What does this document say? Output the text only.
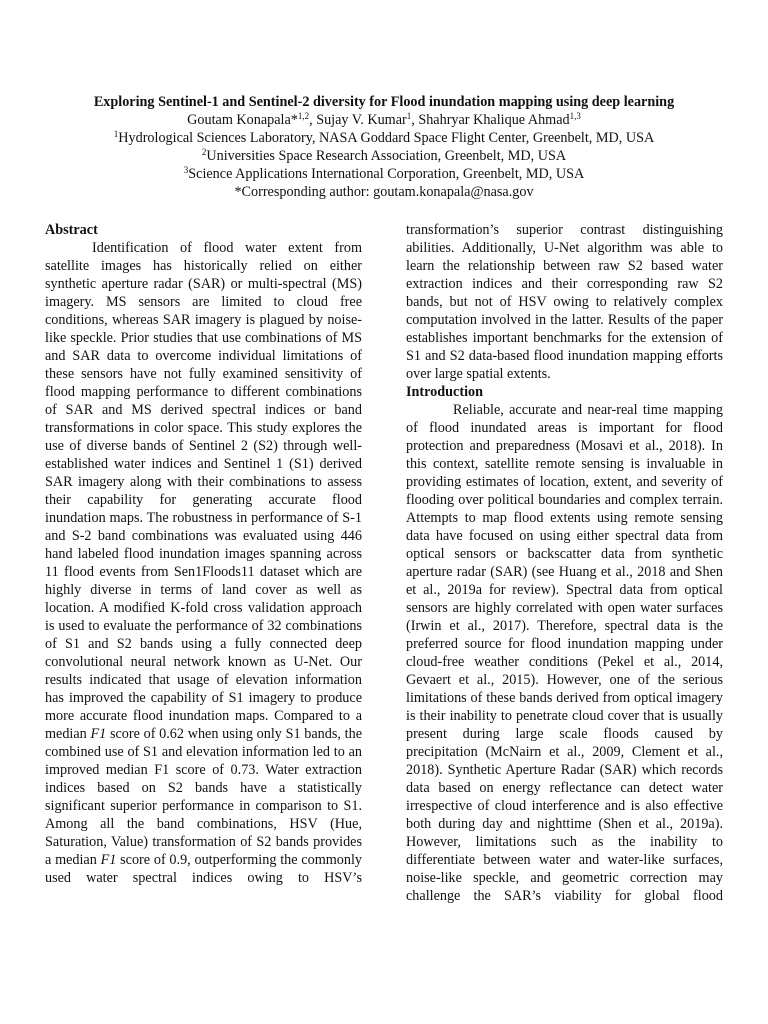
Exploring Sentinel-1 and Sentinel-2 diversity for Flood inundation mapping using deep learning

Goutam Konapala*$^{1,2}$, Sujay V. Kumar$^1$, Shahryar Khalique Ahmad$^{1,3}$

$^1$Hydrological Sciences Laboratory, NASA Goddard Space Flight Center, Greenbelt, MD, USA

$^2$Universities Space Research Association, Greenbelt, MD, USA

$^3$Science Applications International Corporation, Greenbelt, MD, USA

*Corresponding author: goutam.konapala@nasa.gov

Abstract

Identification of flood water extent from satellite images has historically relied on either synthetic aperture radar (SAR) or multi-spectral (MS) imagery. MS sensors are limited to cloud free conditions, whereas SAR imagery is plagued by noise-like speckle. Prior studies that use combinations of MS and SAR data to overcome individual limitations of these sensors have not fully examined sensitivity of flood mapping performance to different combinations of SAR and MS derived spectral indices or band transformations in color space. This study explores the use of diverse bands of Sentinel 2 (S2) through well-established water indices and Sentinel 1 (S1) derived SAR imagery along with their combinations to assess their capability for generating accurate flood inundation maps. The robustness in performance of S-1 and S-2 band combinations was evaluated using 446 hand labeled flood inundation images spanning across 11 flood events from Sen1Floods11 dataset which are highly diverse in terms of land cover as well as location. A modified K-fold cross validation approach is used to evaluate the performance of 32 combinations of S1 and S2 bands using a fully connected deep convolutional neural network known as U-Net. Our results indicated that usage of elevation information has improved the capability of S1 imagery to produce more accurate flood inundation maps. Compared to a median F1 score of 0.62 when using only S1 bands, the combined use of S1 and elevation information led to an improved median F1 score of 0.73. Water extraction indices based on S2 bands have a statistically significant superior performance in comparison to S1. Among all the band combinations, HSV (Hue, Saturation, Value) transformation of S2 bands provides a median F1 score of 0.9, outperforming the commonly used water spectral indices owing to HSV’s

transformation’s superior contrast distinguishing abilities. Additionally, U-Net algorithm was able to learn the relationship between raw S2 based water extraction indices and their corresponding raw S2 bands, but not of HSV owing to relatively complex computation involved in the latter. Results of the paper establishes important benchmarks for the extension of S1 and S2 data-based flood inundation mapping efforts over large spatial extents.

Introduction

Reliable, accurate and near-real time mapping of flood inundated areas is important for flood protection and preparedness (Mosavi et al., 2018). In this context, satellite remote sensing is invaluable in providing estimates of location, extent, and severity of flooding over political boundaries and complex terrain. Attempts to map flood extents using remote sensing data have focused on using either spectral data from optical sensors or backscatter data from synthetic aperture radar (SAR) (see Huang et al., 2018 and Shen et al., 2019a for review). Spectral data from optical sensors are highly correlated with open water surfaces (Irwin et al., 2017). Therefore, spectral data is the preferred source for flood inundation mapping under cloud-free weather conditions (Pekel et al., 2014, Gevaert et al., 2015). However, one of the serious limitations of these bands derived from optical imagery is their inability to penetrate cloud cover that is usually present during large scale floods caused by precipitation (McNairn et al., 2009, Clement et al., 2018). Synthetic Aperture Radar (SAR) which records data based on energy reflectance can detect water irrespective of cloud interference and is also effective both during day and nighttime (Shen et al., 2019a). However, limitations such as the inability to differentiate between water and water-like surfaces, noise-like speckle, and geometric correction may challenge the SAR’s viability for global flood
